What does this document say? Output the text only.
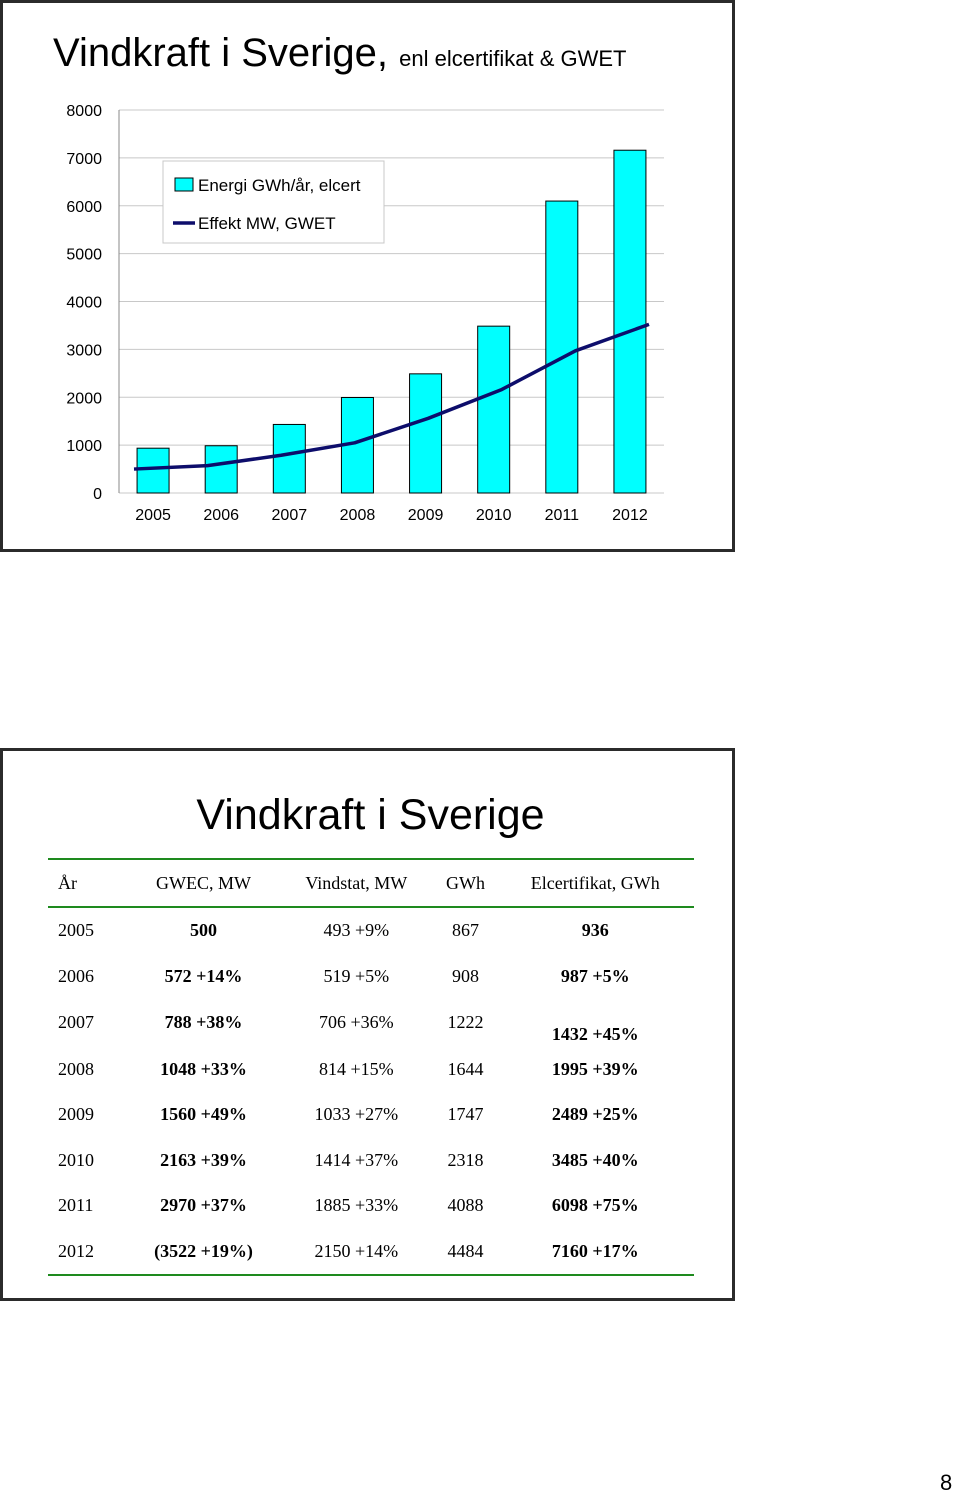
Vindkraft i Sverige, enl elcertifikat & GWET
0
1000
2000
3000
4000
5000
6000
7000
8000
2005 2006 2007 2008 2009 2010 2011 2012
Energi GWh/år, elcert
Effekt MW, GWET
Vindkraft i Sverige
År	GWEC, MW	Vindstat, MW	GWh	Elcertifikat, GWh
2005	500	493 +9%	867	936
2006	572 +14%	519 +5%	908	987 +5%
2007	788 +38%	706 +36%	1222	1432 +45%
2008	1048 +33%	814 +15%	1644	1995 +39%
2009	1560 +49%	1033 +27%	1747	2489 +25%
2010	2163 +39%	1414 +37%	2318	3485 +40%
2011	2970 +37%	1885 +33%	4088	6098 +75%
2012	(3522 +19%)	2150 +14%	4484	7160 +17%
8
